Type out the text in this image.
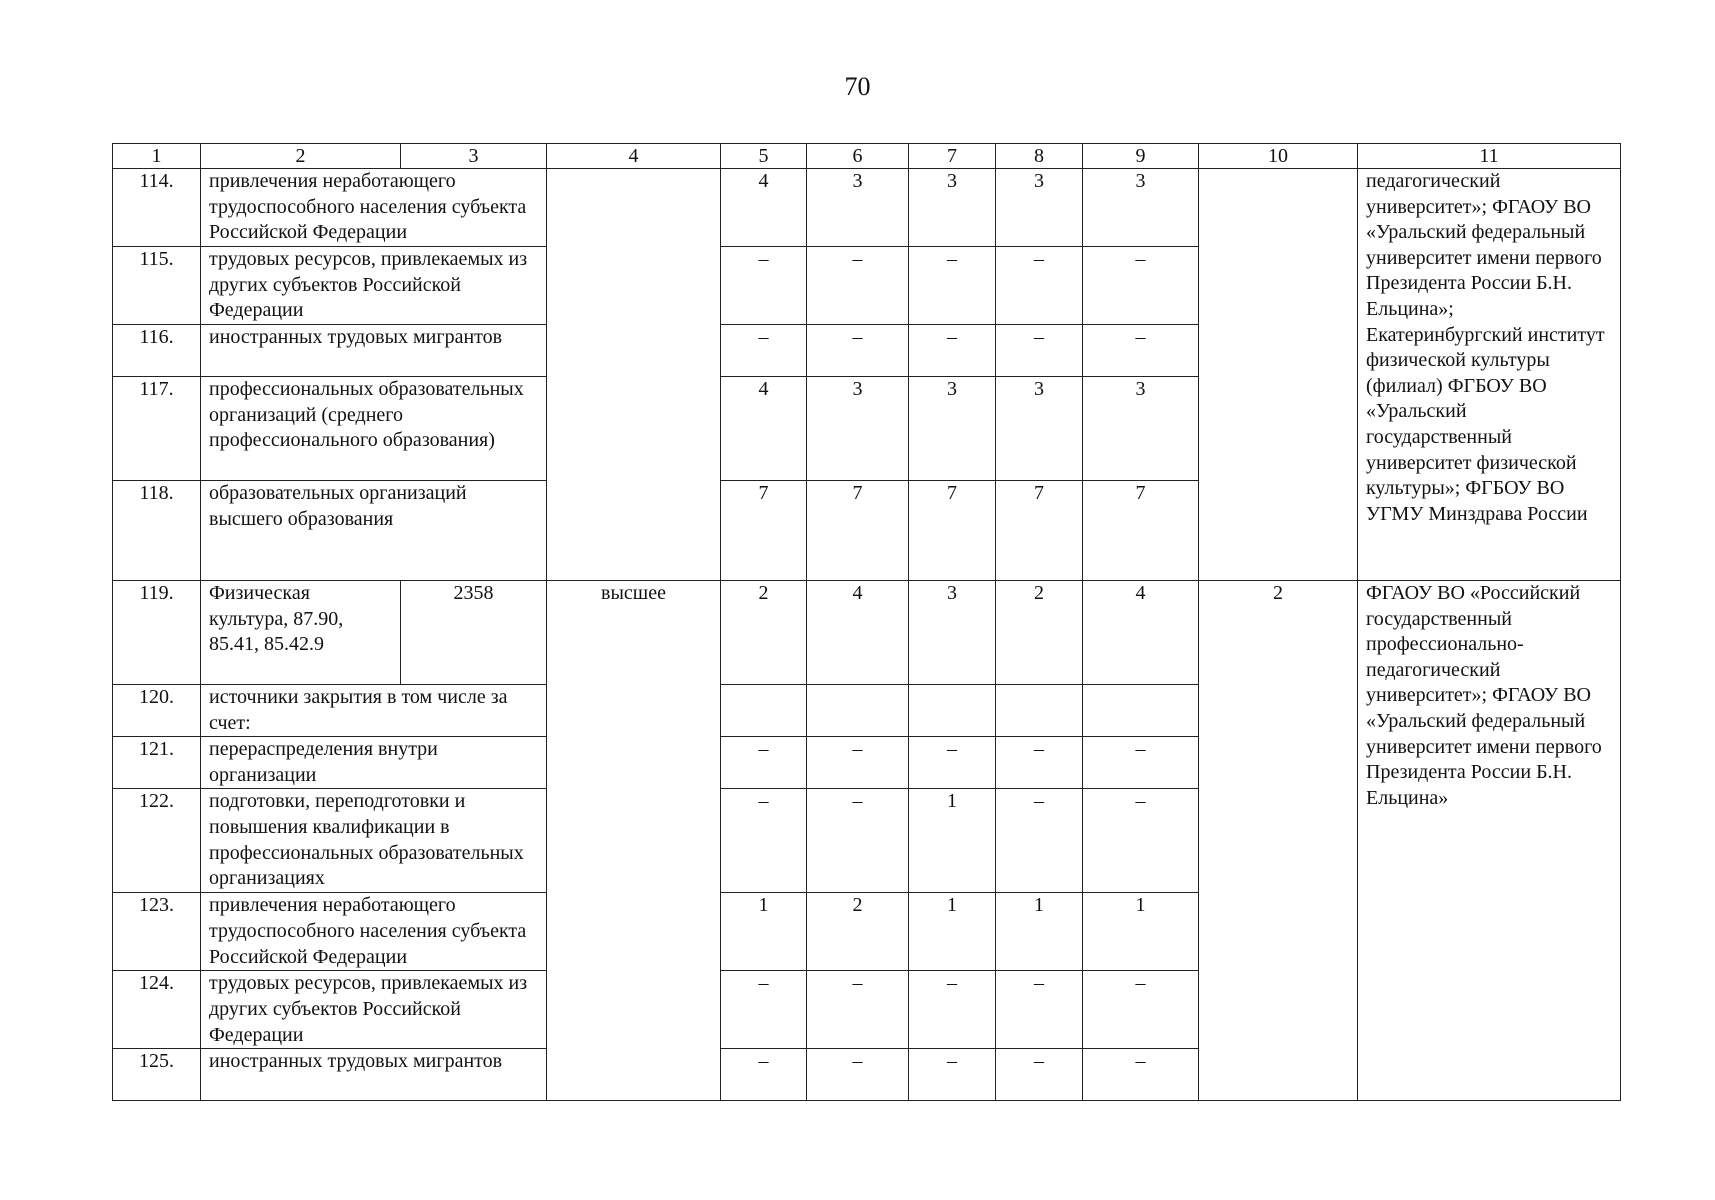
70
1	2	3	4	5	6	7	8	9	10	11
114.	привлечения неработающего трудоспособного населения субъекта Российской Федерации			4	3	3	3	3		педагогический университет»; ФГАОУ ВО «Уральский федеральный университет имени первого Президента России Б.Н. Ельцина»; Екатеринбургский институт физической культуры (филиал) ФГБОУ ВО «Уральский государственный университет физической культуры»; ФГБОУ ВО УГМУ Минздрава России
115.	трудовых ресурсов, привлекаемых из других субъектов Российской Федерации			–	–	–	–	–		
116.	иностранных трудовых мигрантов			–	–	–	–	–		
117.	профессиональных образовательных организаций (среднего профессионального образования)			4	3	3	3	3		
118.	образовательных организаций высшего образования			7	7	7	7	7		
119.	Физическая культура, 87.90, 85.41, 85.42.9	2358	высшее	2	4	3	2	4	2	ФГАОУ ВО «Российский государственный профессионально-педагогический университет»; ФГАОУ ВО «Уральский федеральный университет имени первого Президента России Б.Н. Ельцина»
120.	источники закрытия в том числе за счет:									
121.	перераспределения внутри организации			–	–	–	–	–		
122.	подготовки, переподготовки и повышения квалификации в профессиональных образовательных организациях			–	–	1	–	–		
123.	привлечения неработающего трудоспособного населения субъекта Российской Федерации			1	2	1	1	1		
124.	трудовых ресурсов, привлекаемых из других субъектов Российской Федерации			–	–	–	–	–		
125.	иностранных трудовых мигрантов			–	–	–	–	–		
